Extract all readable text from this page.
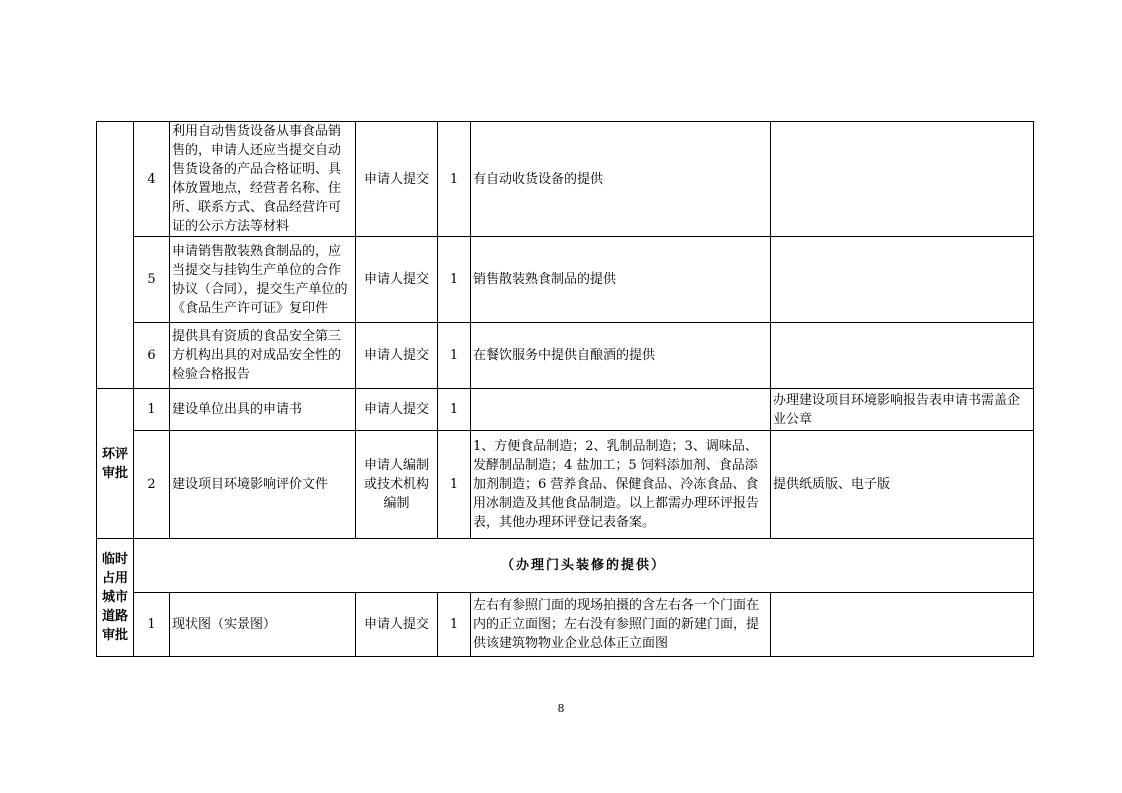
	4	利用自动售货设备从事食品销售的，申请人还应当提交自动售货设备的产品合格证明、具体放置地点，经营者名称、住所、联系方式、食品经营许可证的公示方法等材料	申请人提交	1	有自动收货设备的提供	
	5	申请销售散装熟食制品的，应当提交与挂钩生产单位的合作协议（合同），提交生产单位的《食品生产许可证》复印件	申请人提交	1	销售散装熟食制品的提供	
	6	提供具有资质的食品安全第三方机构出具的对成品安全性的检验合格报告	申请人提交	1	在餐饮服务中提供自酿酒的提供	
环评审批	1	建设单位出具的申请书	申请人提交	1		办理建设项目环境影响报告表申请书需盖企业公章
	2	建设项目环境影响评价文件	申请人编制或技术机构编制	1	1、方便食品制造；2、乳制品制造；3、调味品、发酵制品制造；4 盐加工；5 饲料添加剂、食品添加剂制造；6 营养食品、保健食品、冷冻食品、食用冰制造及其他食品制造。以上都需办理环评报告表，其他办理环评登记表备案。	提供纸质版、电子版
临时占用城市道路审批	（办理门头装修的提供）					
	1	现状图（实景图）	申请人提交	1	左右有参照门面的现场拍摄的含左右各一个门面在内的正立面图；左右没有参照门面的新建门面，提供该建筑物物业企业总体正立面图	
8
